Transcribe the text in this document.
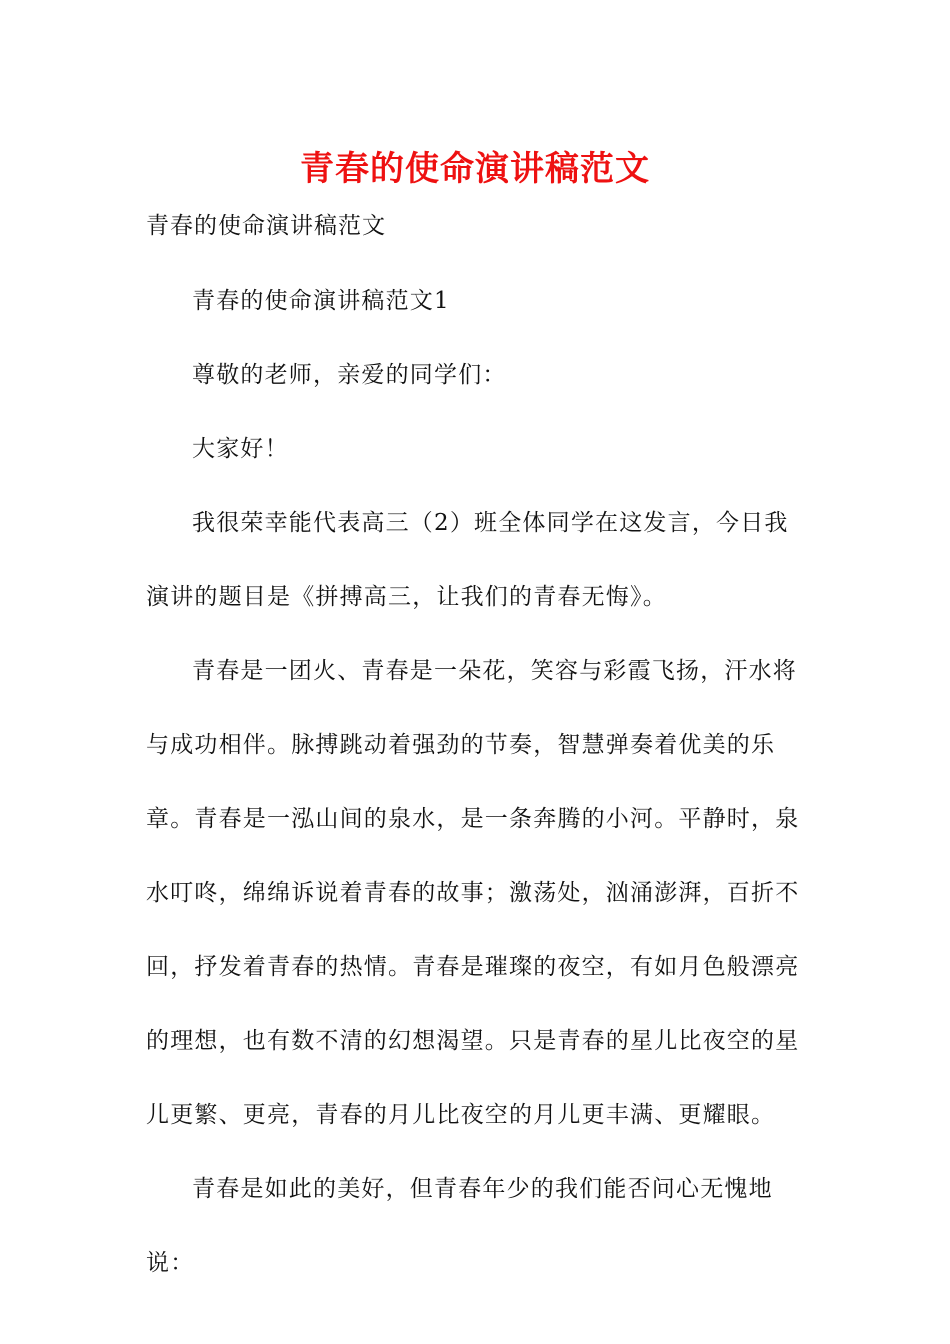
青春的使命演讲稿范文
青春的使命演讲稿范文

青春的使命演讲稿范文1

尊敬的老师，亲爱的同学们：

大家好！

我很荣幸能代表高三（2）班全体同学在这发言，今日我演讲的题目是《拼搏高三，让我们的青春无悔》。

青春是一团火、青春是一朵花，笑容与彩霞飞扬，汗水将与成功相伴。脉搏跳动着强劲的节奏，智慧弹奏着优美的乐章。青春是一泓山间的泉水，是一条奔腾的小河。平静时，泉水叮咚，绵绵诉说着青春的故事；激荡处，汹涌澎湃，百折不回，抒发着青春的热情。青春是璀璨的夜空，有如月色般漂亮的理想，也有数不清的幻想渴望。只是青春的星儿比夜空的星儿更繁、更亮，青春的月儿比夜空的月儿更丰满、更耀眼。

青春是如此的美好，但青春年少的我们能否问心无愧地说：
